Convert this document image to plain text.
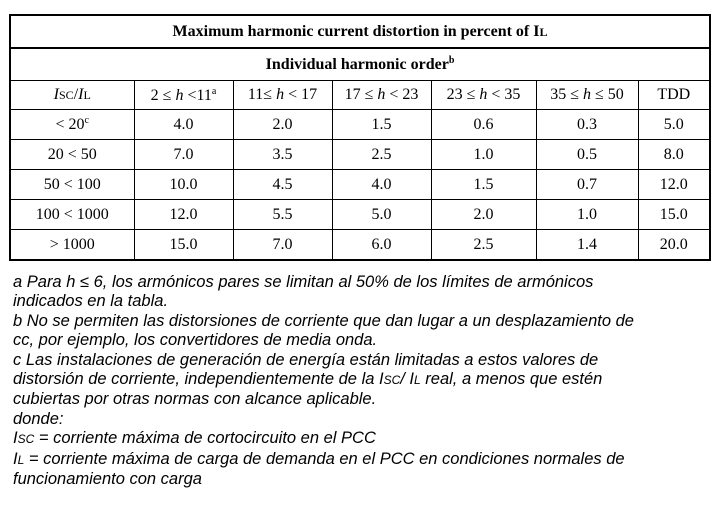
Maximum harmonic current distortion in percent of IL						
Individual harmonic order$^b$
ISC/IL	$2 \le h <11^a$	11≤ h < 17	17 ≤ h < 23	23 ≤ h < 35	35 ≤ h ≤ 50	TDD
< $20^c$	4.0	2.0	1.5	0.6	0.3	5.0
20 < 50	7.0	3.5	2.5	1.0	0.5	8.0
50 < 100	10.0	4.5	4.0	1.5	0.7	12.0
100 < 1000	12.0	5.5	5.0	2.0	1.0	15.0
> 1000	15.0	7.0	6.0	2.5	1.4	20.0
a Para h ≤ 6, los armónicos pares se limitan al 50% de los límites de armónicos
indicados en la tabla.
b No se permiten las distorsiones de corriente que dan lugar a un desplazamiento de
cc, por ejemplo, los convertidores de media onda.
c Las instalaciones de generación de energía están limitadas a estos valores de
distorsión de corriente, independientemente de la ISC/ IL real, a menos que estén
cubiertas por otras normas con alcance aplicable.
donde:
ISC = corriente máxima de cortocircuito en el PCC
IL = corriente máxima de carga de demanda en el PCC en condiciones normales de
funcionamiento con carga
